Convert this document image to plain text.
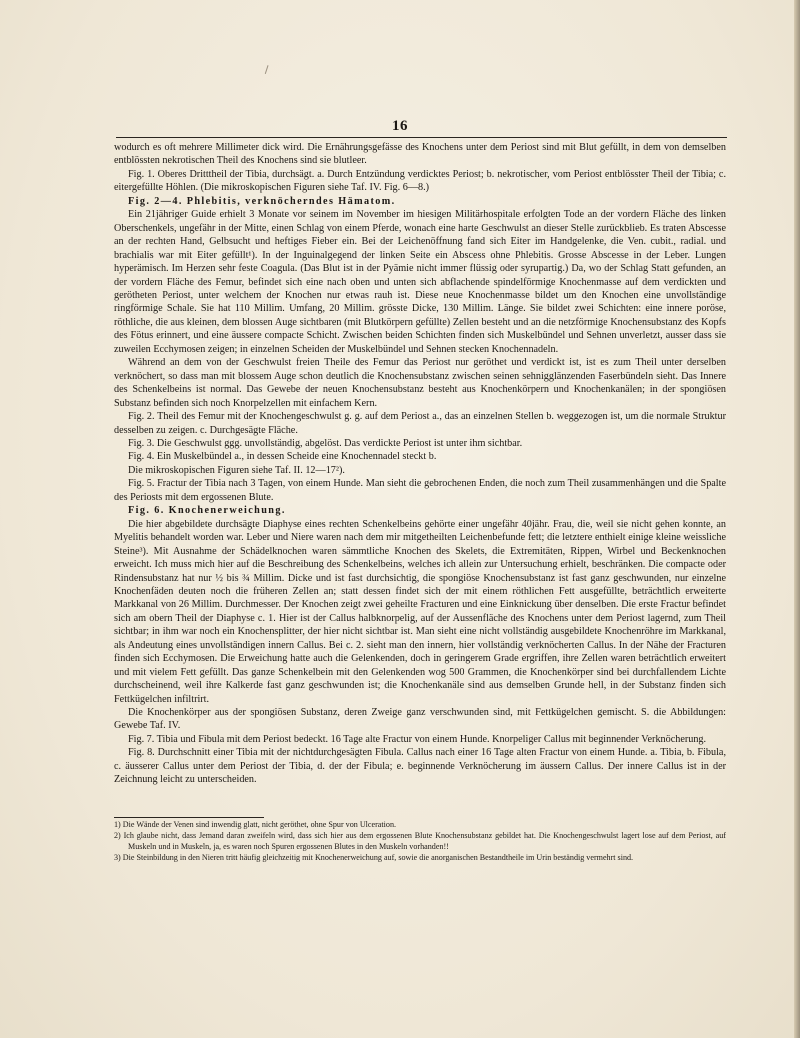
16

wodurch es oft mehrere Millimeter dick wird. Die Ernährungsgefässe des Knochens unter dem Periost sind mit Blut gefüllt, in dem von demselben entblössten nekrotischen Theil des Knochens sind sie blutleer.

Fig. 1. Oberes Dritttheil der Tibia, durchsägt. a. Durch Entzündung verdicktes Periost; b. nekrotischer, vom Periost entblösster Theil der Tibia; c. eitergefüllte Höhlen. (Die mikroskopischen Figuren siehe Taf. IV. Fig. 6—8.)

Fig. 2—4. Phlebitis, verknöcherndes Hämatom.

Ein 21jähriger Guide erhielt 3 Monate vor seinem im November im hiesigen Militärhospitale erfolgten Tode an der vordern Fläche des linken Oberschenkels, ungefähr in der Mitte, einen Schlag von einem Pferde, wonach eine harte Geschwulst an dieser Stelle zurückblieb. Es traten Abscesse an der rechten Hand, Gelbsucht und heftiges Fieber ein. Bei der Leichenöffnung fand sich Eiter im Handgelenke, die Ven. cubit., radial. und brachialis war mit Eiter gefüllt¹). In der Inguinalgegend der linken Seite ein Abscess ohne Phlebitis. Grosse Abscesse in der Leber. Lungen hyperämisch. Im Herzen sehr feste Coagula. (Das Blut ist in der Pyämie nicht immer flüssig oder syrupartig.) Da, wo der Schlag Statt gefunden, an der vordern Fläche des Femur, befindet sich eine nach oben und unten sich abflachende spindelförmige Knochenmasse auf dem verdickten und gerötheten Periost, unter welchem der Knochen nur etwas rauh ist. Diese neue Knochenmasse bildet um den Knochen eine unvollständige ringförmige Schale. Sie hat 110 Millim. Umfang, 20 Millim. grösste Dicke, 130 Millim. Länge. Sie bildet zwei Schichten: eine innere poröse, röthliche, die aus kleinen, dem blossen Auge sichtbaren (mit Blutkörpern gefüllte) Zellen besteht und an die netzförmige Knochensubstanz des Kopfs des Fötus erinnert, und eine äussere compacte Schicht. Zwischen beiden Schichten finden sich Muskelbündel und Sehnen unverletzt, ausser dass sie zuweilen Ecchymosen zeigen; in einzelnen Scheiden der Muskelbündel und Sehnen stecken Knochennadeln.

Während an dem von der Geschwulst freien Theile des Femur das Periost nur geröthet und verdickt ist, ist es zum Theil unter derselben verknöchert, so dass man mit blossem Auge schon deutlich die Knochensubstanz zwischen seinen sehnigglänzenden Faserbündeln sieht. Das Innere des Schenkelbeins ist normal. Das Gewebe der neuen Knochensubstanz besteht aus Knochenkörpern und Knochenkanälen; in der spongiösen Substanz befinden sich noch Knorpelzellen mit einfachem Kern.

Fig. 2. Theil des Femur mit der Knochengeschwulst g. g. auf dem Periost a., das an einzelnen Stellen b. weggezogen ist, um die normale Struktur desselben zu zeigen. c. Durchgesägte Fläche.

Fig. 3. Die Geschwulst ggg. unvollständig, abgelöst. Das verdickte Periost ist unter ihm sichtbar.

Fig. 4. Ein Muskelbündel a., in dessen Scheide eine Knochennadel steckt b.

Die mikroskopischen Figuren siehe Taf. II. 12—17²).

Fig. 5. Fractur der Tibia nach 3 Tagen, von einem Hunde. Man sieht die gebrochenen Enden, die noch zum Theil zusammenhängen und die Spalte des Periosts mit dem ergossenen Blute.

Fig. 6. Knochenerweichung.

Die hier abgebildete durchsägte Diaphyse eines rechten Schenkelbeins gehörte einer ungefähr 40jähr. Frau, die, weil sie nicht gehen konnte, an Myelitis behandelt worden war. Leber und Niere waren nach dem mir mitgetheilten Leichenbefunde fett; die letztere enthielt einige kleine weissliche Steine³). Mit Ausnahme der Schädelknochen waren sämmtliche Knochen des Skelets, die Extremitäten, Rippen, Wirbel und Beckenknochen erweicht. Ich muss mich hier auf die Beschreibung des Schenkelbeins, welches ich allein zur Untersuchung erhielt, beschränken. Die compacte oder Rindensubstanz hat nur ½ bis ¾ Millim. Dicke und ist fast durchsichtig, die spongiöse Knochensubstanz ist fast ganz geschwunden, nur einzelne Knochenfäden deuten noch die früheren Zellen an; statt dessen findet sich der mit einem röthlichen Fett ausgefüllte, beträchtlich erweiterte Markkanal von 26 Millim. Durchmesser. Der Knochen zeigt zwei geheilte Fracturen und eine Einknickung über denselben. Die erste Fractur befindet sich am obern Theil der Diaphyse c. 1. Hier ist der Callus halbknorpelig, auf der Aussenfläche des Knochens unter dem Periost lagernd, zum Theil sichtbar; in ihm war noch ein Knochensplitter, der hier nicht sichtbar ist. Man sieht eine nicht vollständig ausgebildete Knochenröhre im Markkanal, als Andeutung eines unvollständigen innern Callus. Bei c. 2. sieht man den innern, hier vollständig verknöcherten Callus. In der Nähe der Fracturen finden sich Ecchymosen. Die Erweichung hatte auch die Gelenkenden, doch in geringerem Grade ergriffen, ihre Zellen waren beträchtlich erweitert und mit vielem Fett gefüllt. Das ganze Schenkelbein mit den Gelenkenden wog 500 Grammen, die Knochenkörper sind bei durchfallendem Lichte durchscheinend, weil ihre Kalkerde fast ganz geschwunden ist; die Knochenkanäle sind aus demselben Grunde hell, in der Substanz finden sich Fettkügelchen infiltrirt.

Die Knochenkörper aus der spongiösen Substanz, deren Zweige ganz verschwunden sind, mit Fettkügelchen gemischt. S. die Abbildungen: Gewebe Taf. IV.

Fig. 7. Tibia und Fibula mit dem Periost bedeckt. 16 Tage alte Fractur von einem Hunde. Knorpeliger Callus mit beginnender Verknöcherung.

Fig. 8. Durchschnitt einer Tibia mit der nichtdurchgesägten Fibula. Callus nach einer 16 Tage alten Fractur von einem Hunde. a. Tibia, b. Fibula, c. äusserer Callus unter dem Periost der Tibia, d. der der Fibula; e. beginnende Verknöcherung im äussern Callus. Der innere Callus ist in der Zeichnung leicht zu unterscheiden.

1) Die Wände der Venen sind inwendig glatt, nicht geröthet, ohne Spur von Ulceration.

2) Ich glaube nicht, dass Jemand daran zweifeln wird, dass sich hier aus dem ergossenen Blute Knochensubstanz gebildet hat. Die Knochengeschwulst lagert lose auf dem Periost, auf Muskeln und in Muskeln, ja, es waren noch Spuren ergossenen Blutes in den Muskeln vorhanden!!

3) Die Steinbildung in den Nieren tritt häufig gleichzeitig mit Knochenerweichung auf, sowie die anorganischen Bestandtheile im Urin beständig vermehrt sind.
